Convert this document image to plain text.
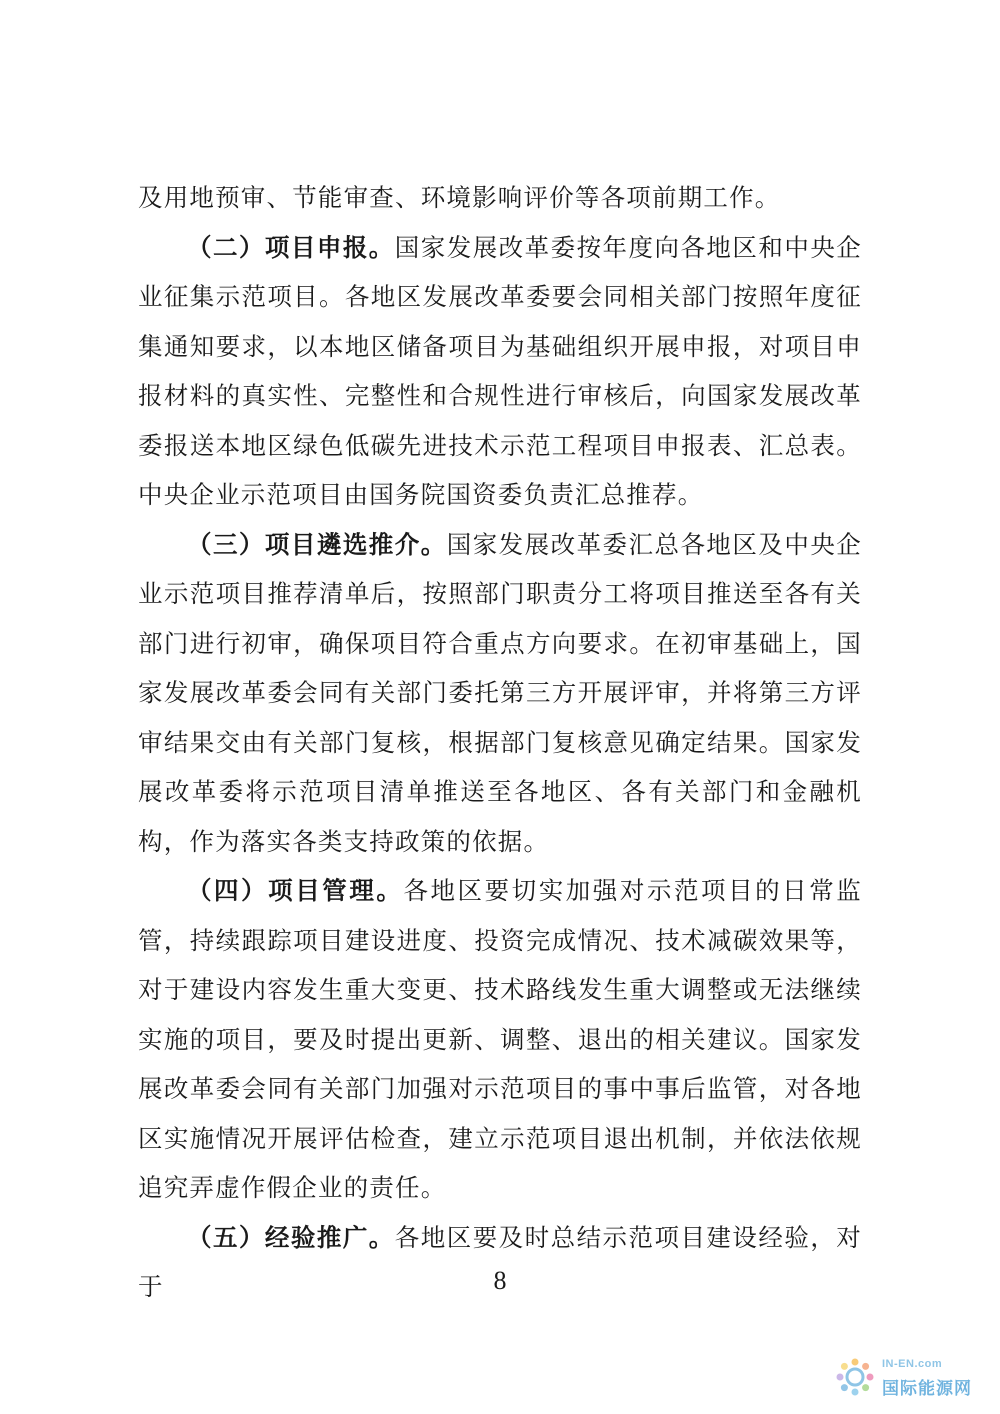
及用地预审、节能审查、环境影响评价等各项前期工作。

（二）项目申报。国家发展改革委按年度向各地区和中央企业征集示范项目。各地区发展改革委要会同相关部门按照年度征集通知要求，以本地区储备项目为基础组织开展申报，对项目申报材料的真实性、完整性和合规性进行审核后，向国家发展改革委报送本地区绿色低碳先进技术示范工程项目申报表、汇总表。中央企业示范项目由国务院国资委负责汇总推荐。

（三）项目遴选推介。国家发展改革委汇总各地区及中央企业示范项目推荐清单后，按照部门职责分工将项目推送至各有关部门进行初审，确保项目符合重点方向要求。在初审基础上，国家发展改革委会同有关部门委托第三方开展评审，并将第三方评审结果交由有关部门复核，根据部门复核意见确定结果。国家发展改革委将示范项目清单推送至各地区、各有关部门和金融机构，作为落实各类支持政策的依据。

（四）项目管理。各地区要切实加强对示范项目的日常监管，持续跟踪项目建设进度、投资完成情况、技术减碳效果等，对于建设内容发生重大变更、技术路线发生重大调整或无法继续实施的项目，要及时提出更新、调整、退出的相关建议。国家发展改革委会同有关部门加强对示范项目的事中事后监管，对各地区实施情况开展评估检查，建立示范项目退出机制，并依法依规追究弄虚作假企业的责任。

（五）经验推广。各地区要及时总结示范项目建设经验，对于	8
IN-EN.com
国际能源网
